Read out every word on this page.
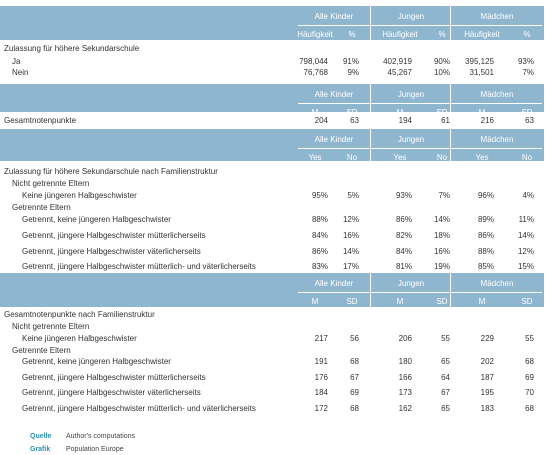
Alle Kinder	Jungen	Mädchen
Häufigkeit	%	Häufigkeit	%	Häufigkeit	%
Zulassung für höhere Sekundarschule
Ja	798,044	91%	402,919	90%	395,125	93%
Nein	76,768	9%	45,267	10%	31,501	7%
Alle Kinder	Jungen	Mädchen
M	SD	M	SD	M	SD
Gesamtnotenpunkte	204	63	194	61	216	63
Alle Kinder	Jungen	Mädchen
Yes	No	Yes	No	Yes	No
Zulassung für höhere Sekundarschule nach Familienstruktur
Nicht getrennte Eltern
Keine jüngeren Halbgeschwister	95%	5%	93%	7%	96%	4%
Getrennte Eltern
Getrennt, keine jüngeren Halbgeschwister	88%	12%	86%	14%	89%	11%
Getrennt, jüngere Halbgeschwister mütterlicherseits	84%	16%	82%	18%	86%	14%
Getrennt, jüngere Halbgeschwister väterlicherseits	86%	14%	84%	16%	88%	12%
Getrennt, jüngere Halbgeschwister mütterlich- und väterlicherseits	83%	17%	81%	19%	85%	15%
Alle Kinder	Jungen	Mädchen
M	SD	M	SD	M	SD
Gesamtnotenpunkte nach Familienstruktur
Nicht getrennte Eltern
Keine jüngeren Halbgeschwister	217	56	206	55	229	55
Getrennte Eltern
Getrennt, keine jüngeren Halbgeschwister	191	68	180	65	202	68
Getrennt, jüngere Halbgeschwister mütterlicherseits	176	67	166	64	187	69
Getrennt, jüngere Halbgeschwister väterlicherseits	184	69	173	67	195	70
Getrennt, jüngere Halbgeschwister mütterlich- und väterlicherseits	172	68	162	65	183	68
Quelle Author's computations
Grafik Population Europe
